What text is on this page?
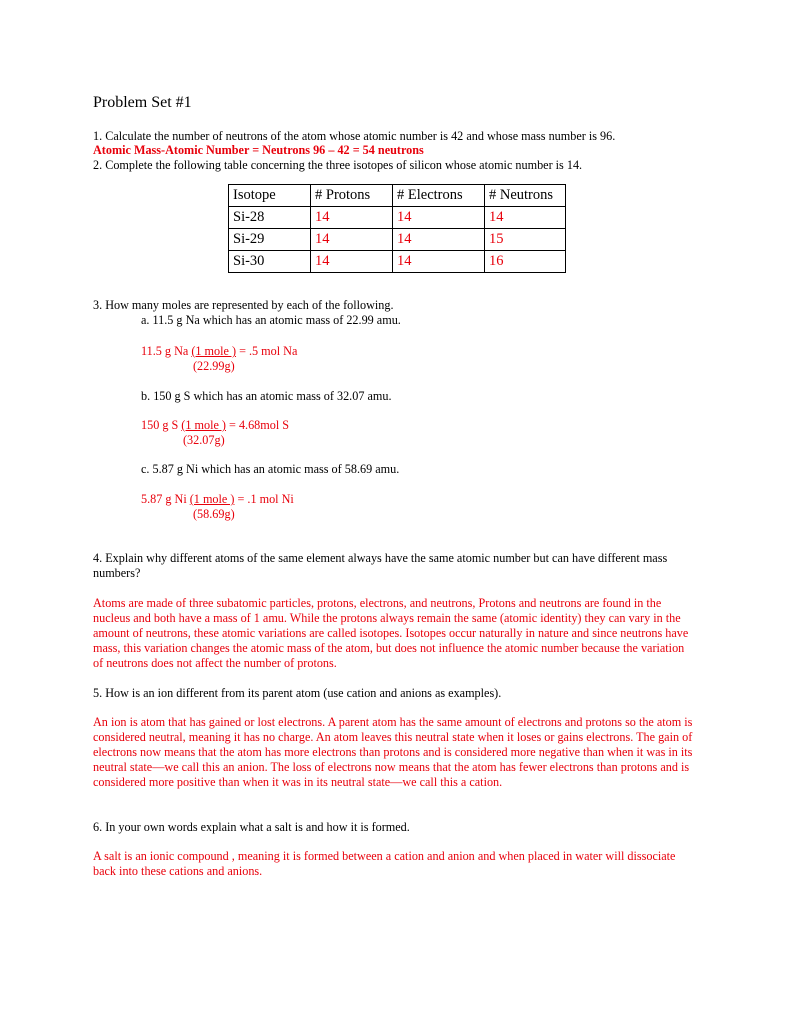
Problem Set #1
1. Calculate the number of neutrons of the atom whose atomic number is 42 and whose mass number is 96.
Atomic Mass-Atomic Number = Neutrons 96 – 42 = 54 neutrons
2. Complete the following table concerning the three isotopes of silicon whose atomic number is 14.
Isotope	# Protons	# Electrons	# Neutrons
Si-28	14	14	14
Si-29	14	14	15
Si-30	14	14	16
3. How many moles are represented by each of the following.
a. 11.5 g Na which has an atomic mass of 22.99 amu.
11.5 g Na (1 mole ) = .5 mol Na
(22.99g)
b. 150 g S which has an atomic mass of 32.07 amu.
150 g S (1 mole ) = 4.68mol S
(32.07g)
c. 5.87 g Ni which has an atomic mass of 58.69 amu.
5.87 g Ni (1 mole ) = .1 mol Ni
(58.69g)
4. Explain why different atoms of the same element always have the same atomic number but can have different mass numbers?
Atoms are made of three subatomic particles, protons, electrons, and neutrons, Protons and neutrons are found in the nucleus and both have a mass of 1 amu. While the protons always remain the same (atomic identity) they can vary in the amount of neutrons, these atomic variations are called isotopes. Isotopes occur naturally in nature and since neutrons have mass, this variation changes the atomic mass of the atom, but does not influence the atomic number because the variation of neutrons does not affect the number of protons.
5. How is an ion different from its parent atom (use cation and anions as examples).
An ion is atom that has gained or lost electrons. A parent atom has the same amount of electrons and protons so the atom is considered neutral, meaning it has no charge. An atom leaves this neutral state when it loses or gains electrons. The gain of electrons now means that the atom has more electrons than protons and is considered more negative than when it was in its neutral state—we call this an anion. The loss of electrons now means that the atom has fewer electrons than protons and is considered more positive than when it was in its neutral state—we call this a cation.
6. In your own words explain what a salt is and how it is formed.
A salt is an ionic compound , meaning it is formed between a cation and anion and when placed in water will dissociate back into these cations and anions.
